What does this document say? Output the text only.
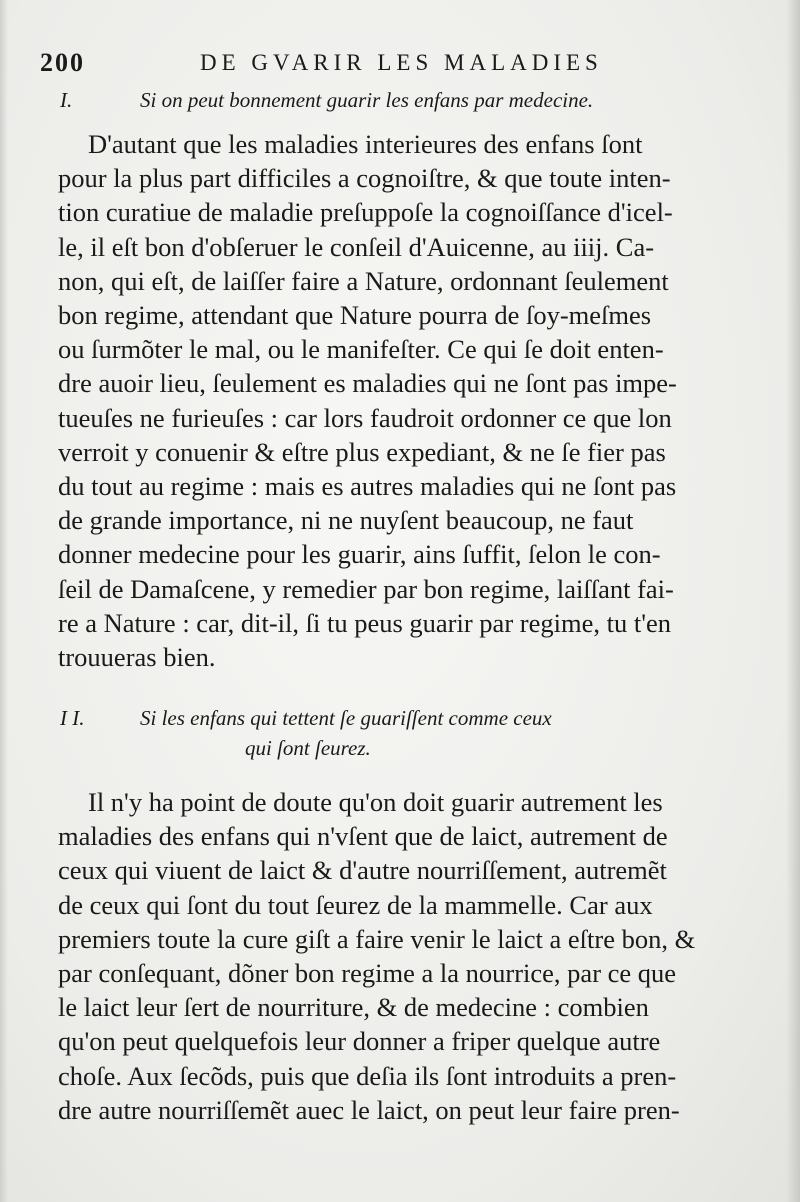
200	DE GVARIR LES MALADIES
I.	Si on peut bonnement guarir les enfans par medecine.

D'autant que les maladies interieures des enfans ſont
pour la plus part difficiles a cognoiſtre, & que toute inten-
tion curatiue de maladie preſuppoſe la cognoiſſance d'icel-
le, il eſt bon d'obſeruer le conſeil d'Auicenne, au iiij. Ca-
non, qui eſt, de laiſſer faire a Nature, ordonnant ſeulement
bon regime, attendant que Nature pourra de ſoy-meſmes
ou ſurmõter le mal, ou le manifeſter. Ce qui ſe doit enten-
dre auoir lieu, ſeulement es maladies qui ne ſont pas impe-
tueuſes ne furieuſes : car lors faudroit ordonner ce que lon
verroit y conuenir & eſtre plus expediant, & ne ſe fier pas
du tout au regime : mais es autres maladies qui ne ſont pas
de grande importance, ni ne nuyſent beaucoup, ne faut
donner medecine pour les guarir, ains ſuffit, ſelon le con-
ſeil de Damaſcene, y remedier par bon regime, laiſſant fai-
re a Nature : car, dit-il, ſi tu peus guarir par regime, tu t'en
trouueras bien.

I I.	Si les enfans qui tettent ſe guariſſent comme ceux
qui ſont ſeurez.

Il n'y ha point de doute qu'on doit guarir autrement les
maladies des enfans qui n'vſent que de laict, autrement de
ceux qui viuent de laict & d'autre nourriſſement, autremẽt
de ceux qui ſont du tout ſeurez de la mammelle. Car aux
premiers toute la cure giſt a faire venir le laict a eſtre bon, &
par conſequant, dõner bon regime a la nourrice, par ce que
le laict leur ſert de nourriture, & de medecine : combien
qu'on peut quelquefois leur donner a friper quelque autre
choſe. Aux ſecõds, puis que deſia ils ſont introduits a pren-
dre autre nourriſſemẽt auec le laict, on peut leur faire pren-
